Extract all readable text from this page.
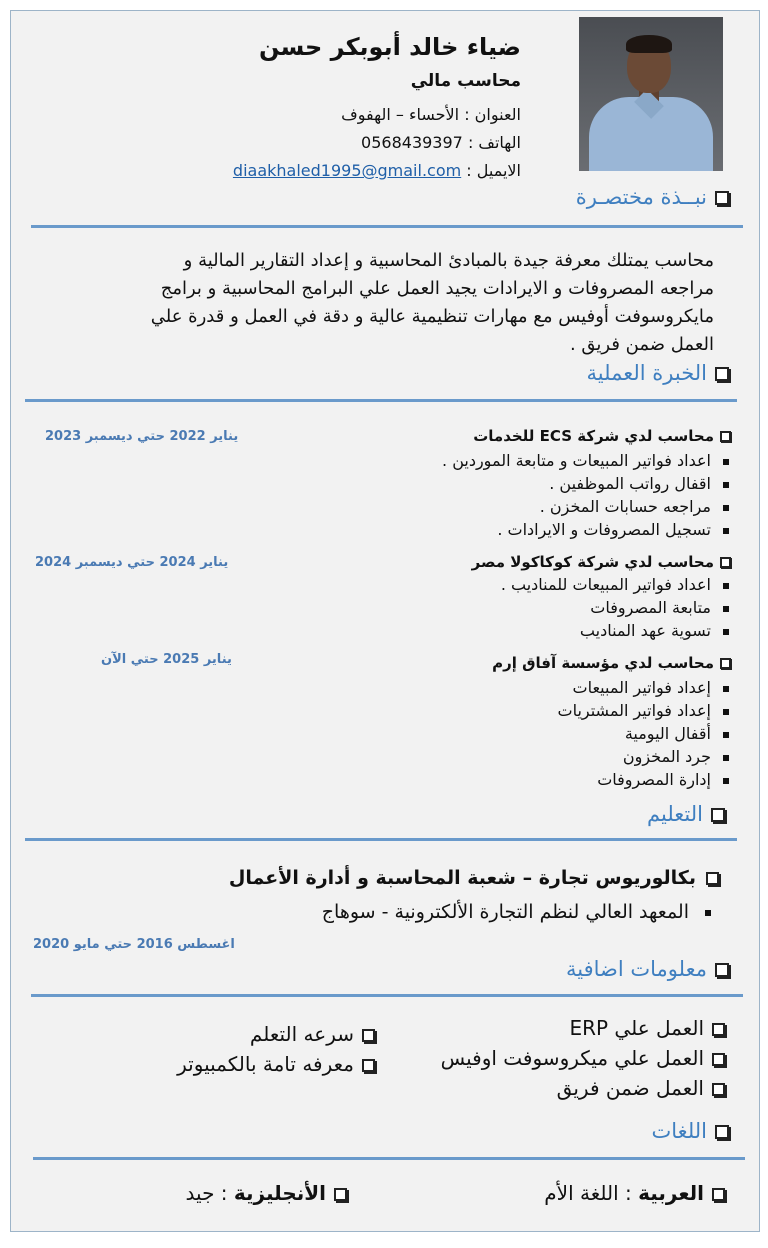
ضياء خالد أبوبكر حسن
محاسب مالي
العنوان : الأحساء – الهفوف
الهاتف : 0568439397
الايميل : diaakhaled1995@gmail.com
نبــذة مختصـرة
محاسب يمتلك معرفة جيدة بالمبادئ المحاسبية و إعداد التقارير المالية و مراجعه المصروفات و الايرادات يجيد العمل علي البرامج المحاسبية و برامج مايكروسوفت أوفيس مع مهارات تنظيمية عالية و دقة في العمل و قدرة علي العمل ضمن فريق .
الخبرة العملية
محاسب لدي شركة ECS للخدمات
يناير 2022 حتي ديسمبر 2023
اعداد فواتير المبيعات و متابعة الموردين .
اقفال رواتب الموظفين .
مراجعه حسابات المخزن .
تسجيل المصروفات و الايرادات .
محاسب لدي شركة كوكاكولا مصر
يناير 2024 حتي ديسمبر 2024
اعداد فواتير المبيعات للمناديب .
متابعة المصروفات
تسوية عهد المناديب
محاسب لدي مؤسسة آفاق إرم
يناير 2025 حتي الآن
إعداد فواتير المبيعات
إعداد فواتير المشتريات
أقفال اليومية
جرد المخزون
إدارة المصروفات
التعليم
بكالوريوس تجارة – شعبة المحاسبة و أدارة الأعمال
المعهد العالي لنظم التجارة الألكترونية - سوهاج
اغسطس 2016 حتي مايو 2020
معلومات اضافية
العمل علي ERP
العمل علي ميكروسوفت اوفيس
العمل ضمن فريق
سرعه التعلم
معرفه تامة بالكمبيوتر
اللغات
العربية : اللغة الأم
الأنجليزية : جيد
